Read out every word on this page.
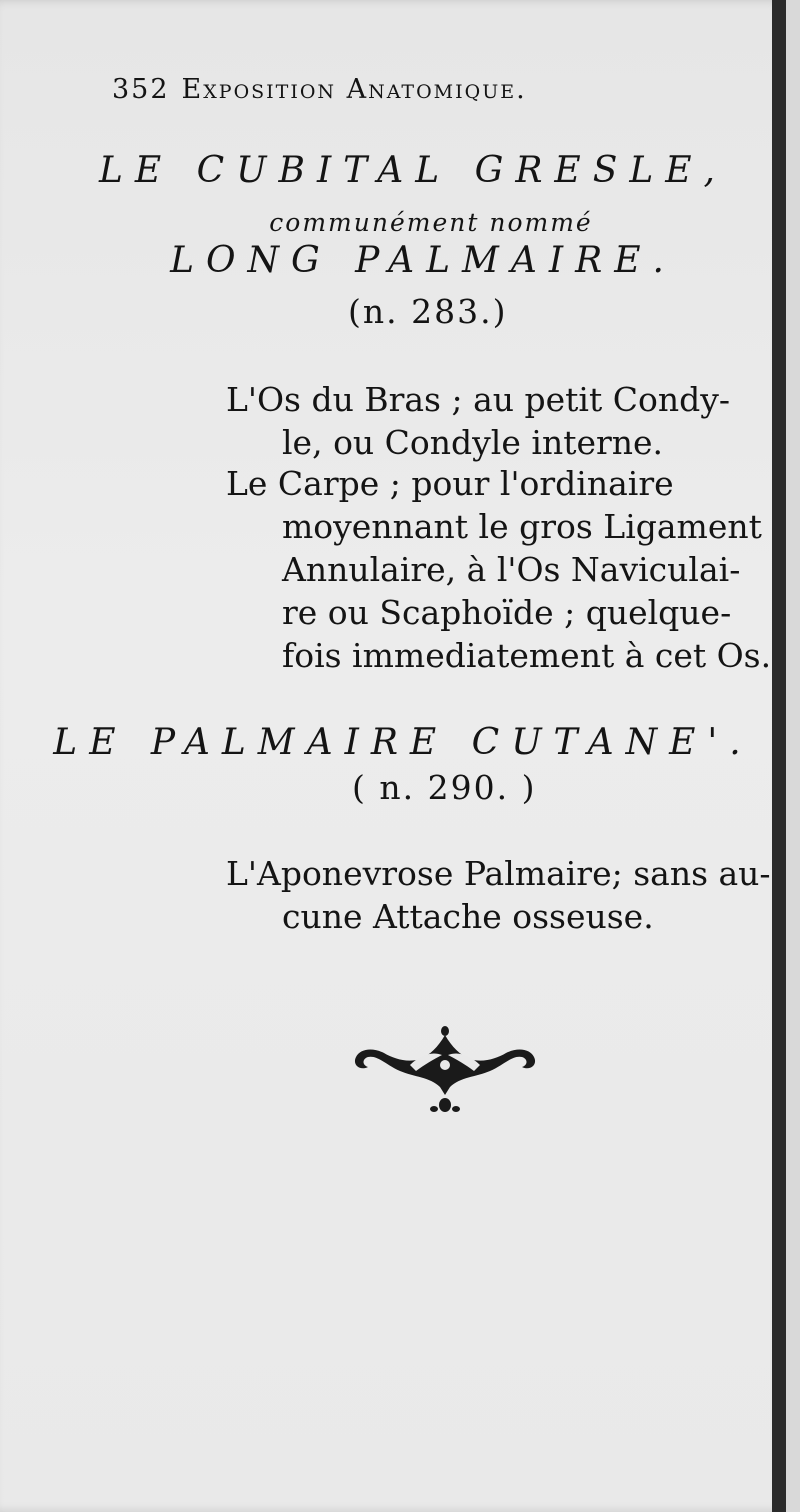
352 Exposition Anatomique.
LE CUBITAL GRESLE,
communément nommé
LONG PALMAIRE.
(n. 283.)
L'Os du Bras ; au petit Condy-
le, ou Condyle interne.
Le Carpe ; pour l'ordinaire
moyennant le gros Ligament
Annulaire, à l'Os Naviculai-
re ou Scaphoïde ; quelque-
fois immediatement à cet Os.
LE PALMAIRE CUTANE'.
( n. 290. )
L'Aponevrose Palmaire; sans au-
cune Attache osseuse.
